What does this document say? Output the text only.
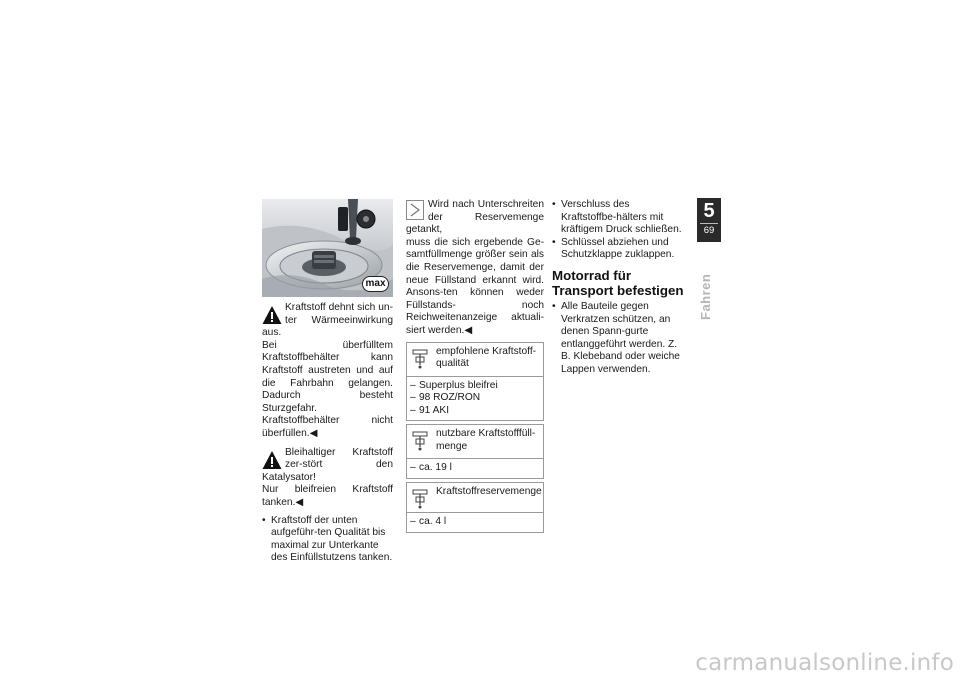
max

Kraftstoff dehnt sich un-ter Wärmeeinwirkung aus.

Bei überfülltem Kraftstoffbehälter kann Kraftstoff austreten und auf die Fahrbahn gelangen. Dadurch besteht Sturzgefahr.

Kraftstoffbehälter nicht überfüllen.◀

Bleihaltiger Kraftstoff zer-stört den Katalysator!

Nur bleifreien Kraftstoff tanken.◀

• Kraftstoff der unten aufgeführ-ten Qualität bis maximal zur Unterkante des Einfüllstutzens tanken.

Wird nach Unterschreiten der Reservemenge getankt,

muss die sich ergebende Ge-samtfüllmenge größer sein als die Reservemenge, damit der neue Füllstand erkannt wird. Ansons-ten können weder Füllstands- noch Reichweitenanzeige aktuali-siert werden.◀

empfohlene Kraftstoff-qualität
– Superplus bleifrei
– 98 ROZ/RON
– 91 AKI
nutzbare Kraftstofffüll-menge
– ca. 19 l
Kraftstoffreservemenge
– ca. 4 l
• Verschluss des Kraftstoffbe-hälters mit kräftigem Druck schließen.
• Schlüssel abziehen und Schutzklappe zuklappen.
Motorrad für Transport befestigen
• Alle Bauteile gegen Verkratzen schützen, an denen Spann-gurte entlanggeführt werden. Z. B. Klebeband oder weiche Lappen verwenden.
5
69
Fahren
carmanualsonline.info
